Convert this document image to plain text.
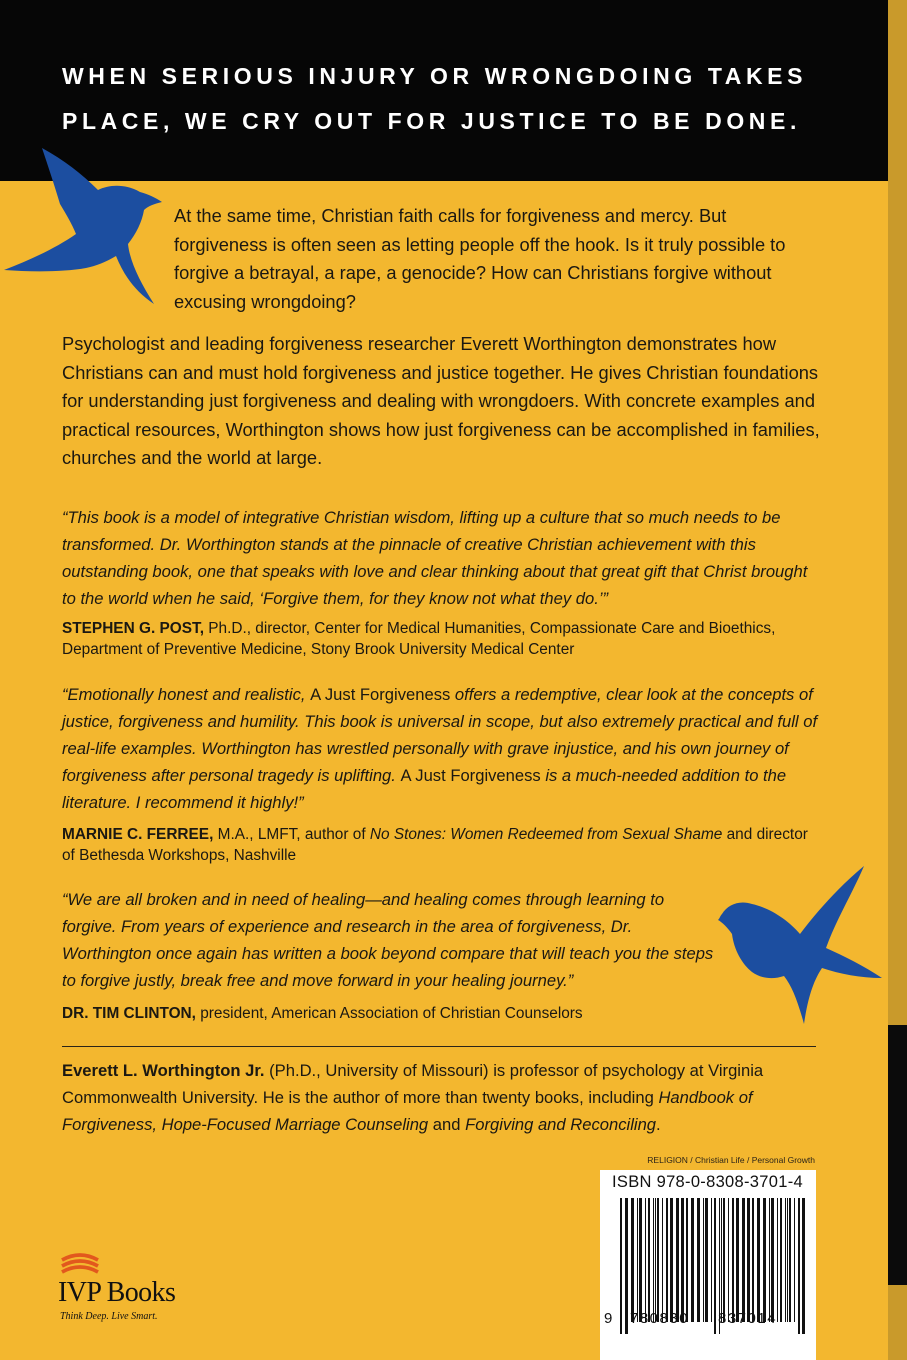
WHEN SERIOUS INJURY OR WRONGDOING TAKES
PLACE, WE CRY OUT FOR JUSTICE TO BE DONE.

At the same time, Christian faith calls for forgiveness and mercy. But forgiveness is often seen as letting people off the hook. Is it truly possible to forgive a betrayal, a rape, a genocide? How can Christians forgive without excusing wrongdoing?

Psychologist and leading forgiveness researcher Everett Worthington demonstrates how Christians can and must hold forgiveness and justice together. He gives Christian foundations for understanding just forgiveness and dealing with wrongdoers. With concrete examples and practical resources, Worthington shows how just forgiveness can be accomplished in families, churches and the world at large.

“This book is a model of integrative Christian wisdom, lifting up a culture that so much needs to be transformed. Dr. Worthington stands at the pinnacle of creative Christian achievement with this outstanding book, one that speaks with love and clear thinking about that great gift that Christ brought to the world when he said, ‘Forgive them, for they know not what they do.’”

STEPHEN G. POST, Ph.D., director, Center for Medical Humanities, Compassionate Care and Bioethics, Department of Preventive Medicine, Stony Brook University Medical Center

“Emotionally honest and realistic, A Just Forgiveness offers a redemptive, clear look at the concepts of justice, forgiveness and humility. This book is universal in scope, but also extremely practical and full of real-life examples. Worthington has wrestled personally with grave injustice, and his own journey of forgiveness after personal tragedy is uplifting. A Just Forgiveness is a much-needed addition to the literature. I recommend it highly!”

MARNIE C. FERREE, M.A., LMFT, author of No Stones: Women Redeemed from Sexual Shame and director of Bethesda Workshops, Nashville

“We are all broken and in need of healing—and healing comes through learning to forgive. From years of experience and research in the area of forgiveness, Dr. Worthington once again has written a book beyond compare that will teach you the steps to forgive justly, break free and move forward in your healing journey.”

DR. TIM CLINTON, president, American Association of Christian Counselors

Everett L. Worthington Jr. (Ph.D., University of Missouri) is professor of psychology at Virginia Commonwealth University. He is the author of more than twenty books, including Handbook of Forgiveness, Hope-Focused Marriage Counseling and Forgiving and Reconciling.

RELIGION / Christian Life / Personal Growth
ISBN 978-0-8308-3701-4
9 780830 837014
IVP Books
Think Deep. Live Smart.
